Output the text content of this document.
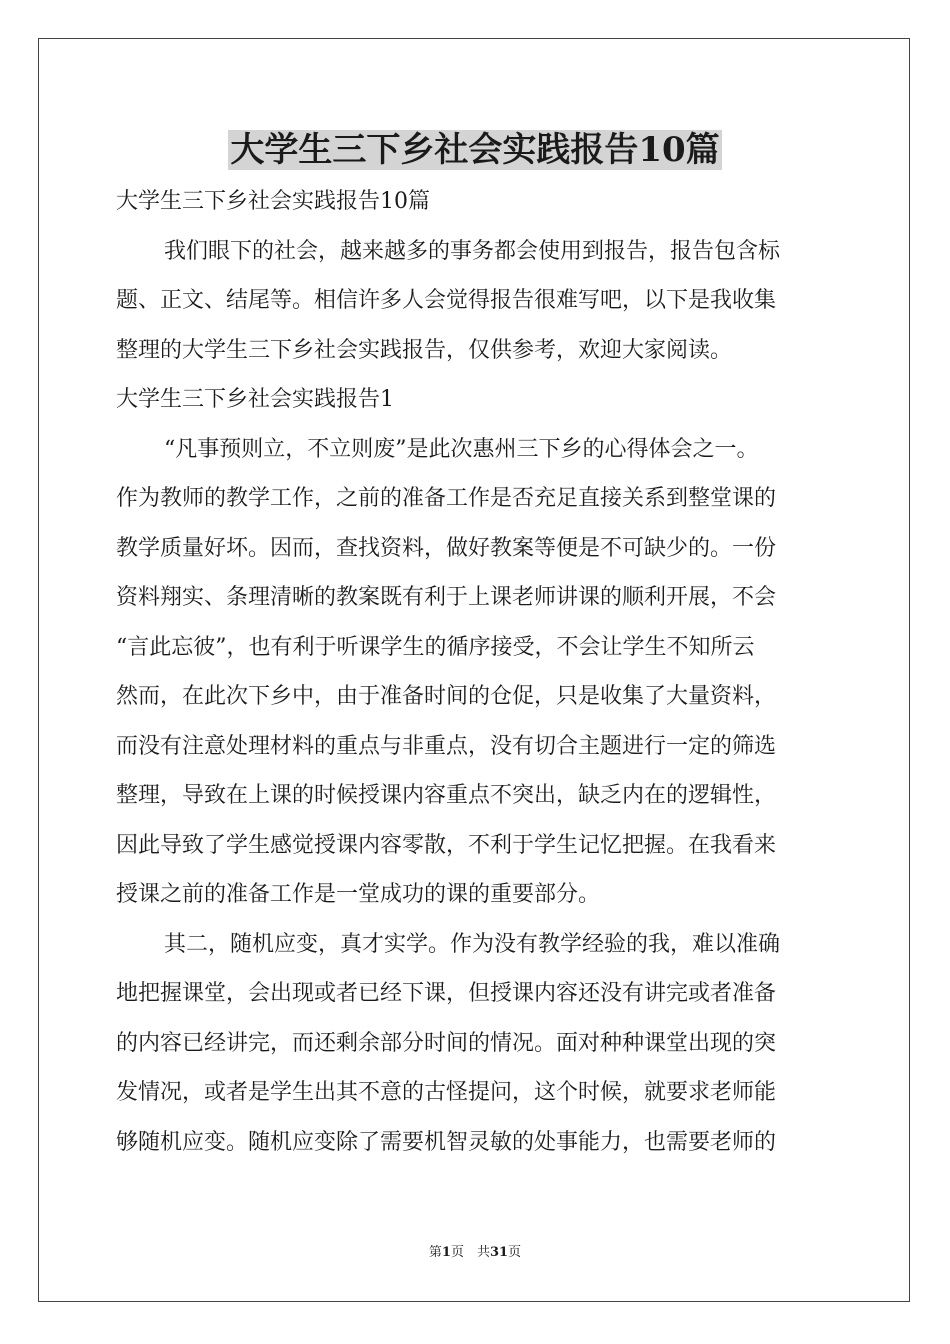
大学生三下乡社会实践报告10篇
大学生三下乡社会实践报告10篇
我们眼下的社会，越来越多的事务都会使用到报告，报告包含标
题、正文、结尾等。相信许多人会觉得报告很难写吧，以下是我收集
整理的大学生三下乡社会实践报告，仅供参考，欢迎大家阅读。
大学生三下乡社会实践报告1
“凡事预则立，不立则废”是此次惠州三下乡的心得体会之一。
作为教师的教学工作，之前的准备工作是否充足直接关系到整堂课的
教学质量好坏。因而，查找资料，做好教案等便是不可缺少的。一份
资料翔实、条理清晰的教案既有利于上课老师讲课的顺利开展，不会
“言此忘彼”，也有利于听课学生的循序接受，不会让学生不知所云
然而，在此次下乡中，由于准备时间的仓促，只是收集了大量资料，
而没有注意处理材料的重点与非重点，没有切合主题进行一定的筛选
整理，导致在上课的时候授课内容重点不突出，缺乏内在的逻辑性，
因此导致了学生感觉授课内容零散，不利于学生记忆把握。在我看来
授课之前的准备工作是一堂成功的课的重要部分。
其二，随机应变，真才实学。作为没有教学经验的我，难以准确
地把握课堂，会出现或者已经下课，但授课内容还没有讲完或者准备
的内容已经讲完，而还剩余部分时间的情况。面对种种课堂出现的突
发情况，或者是学生出其不意的古怪提问，这个时候，就要求老师能
够随机应变。随机应变除了需要机智灵敏的处事能力，也需要老师的
第1页　共31页
